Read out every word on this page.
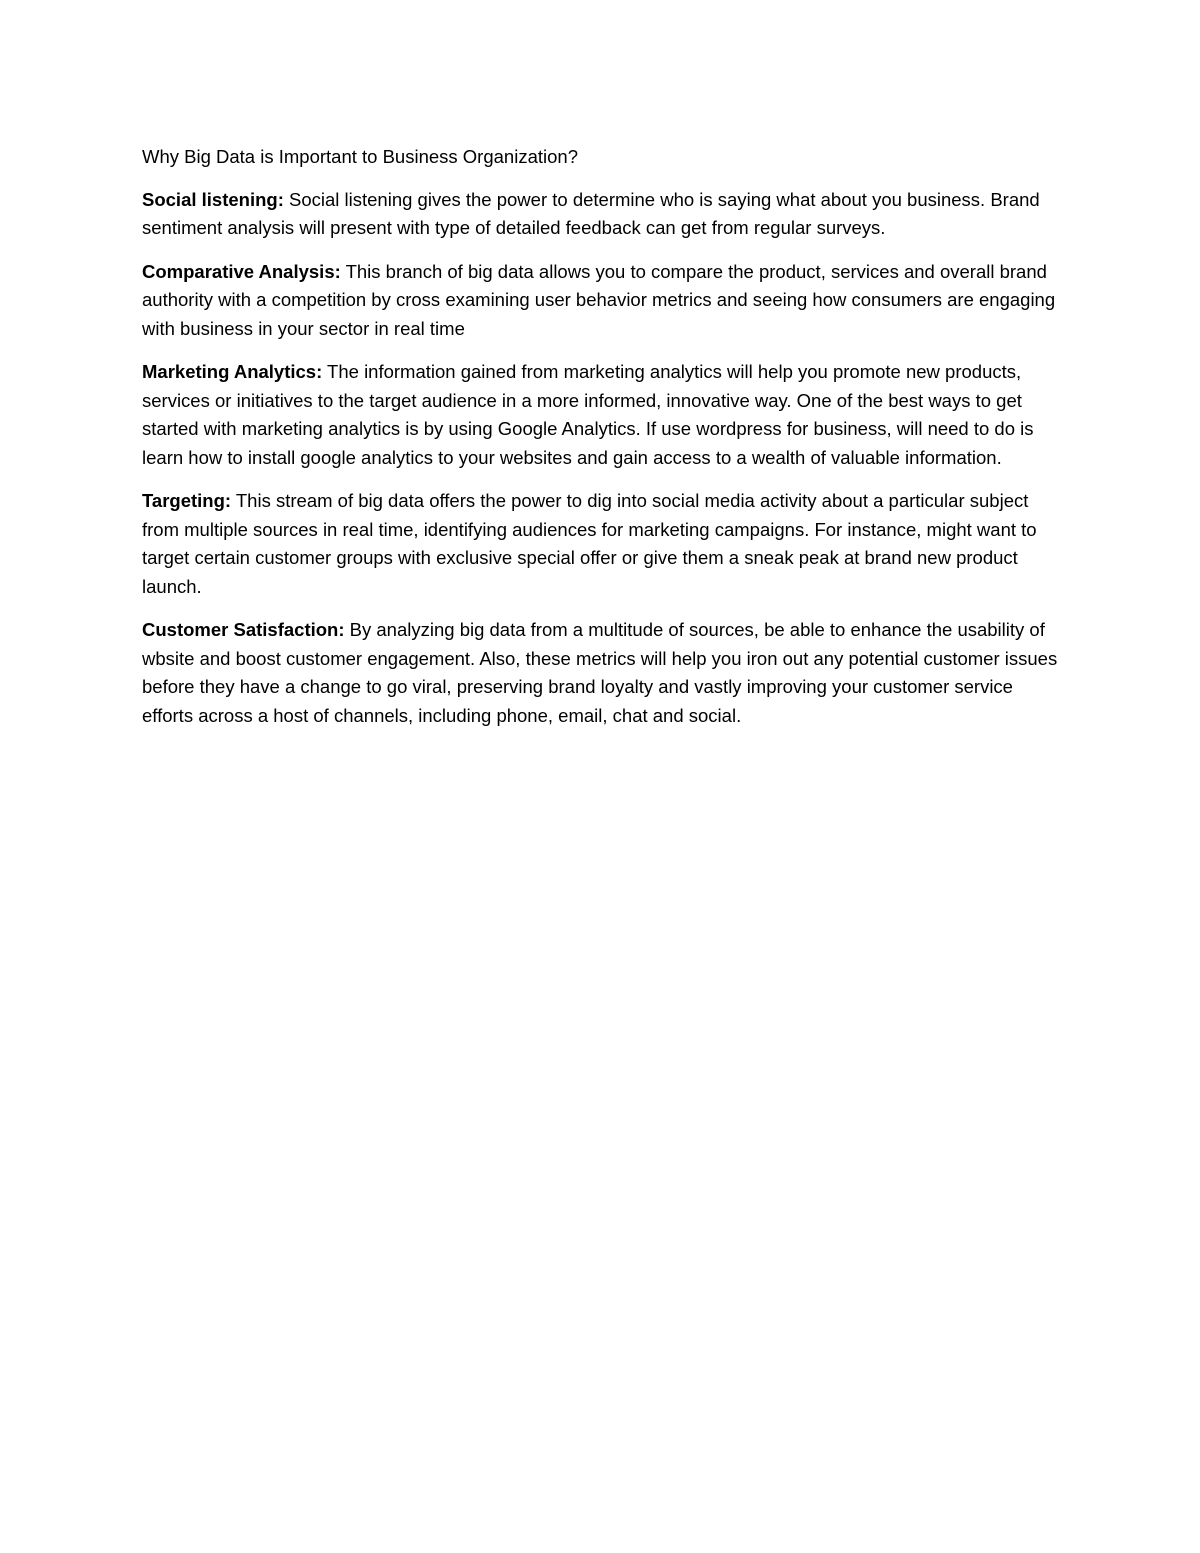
Why Big Data is Important to Business Organization?

Social listening: Social listening gives the power to determine who is saying what about you business. Brand sentiment analysis will present with type of detailed feedback can get from regular surveys.

Comparative Analysis: This branch of big data allows you to compare the product, services and overall brand authority with a competition by cross examining user behavior metrics and seeing how consumers are engaging with business in your sector in real time

Marketing Analytics: The information gained from marketing analytics will help you promote new products, services or initiatives to the target audience in a more informed, innovative way. One of the best ways to get started with marketing analytics is by using Google Analytics. If use wordpress for business, will need to do is learn how to install google analytics to your websites and gain access to a wealth of valuable information.

Targeting: This stream of big data offers the power to dig into social media activity about a particular subject from multiple sources in real time, identifying audiences for marketing campaigns. For instance, might want to target certain customer groups with exclusive special offer or give them a sneak peak at brand new product launch.

Customer Satisfaction: By analyzing big data from a multitude of sources, be able to enhance the usability of wbsite and boost customer engagement. Also, these metrics will help you iron out any potential customer issues before they have a change to go viral, preserving brand loyalty and vastly improving your customer service efforts across a host of channels, including phone, email, chat and social.
